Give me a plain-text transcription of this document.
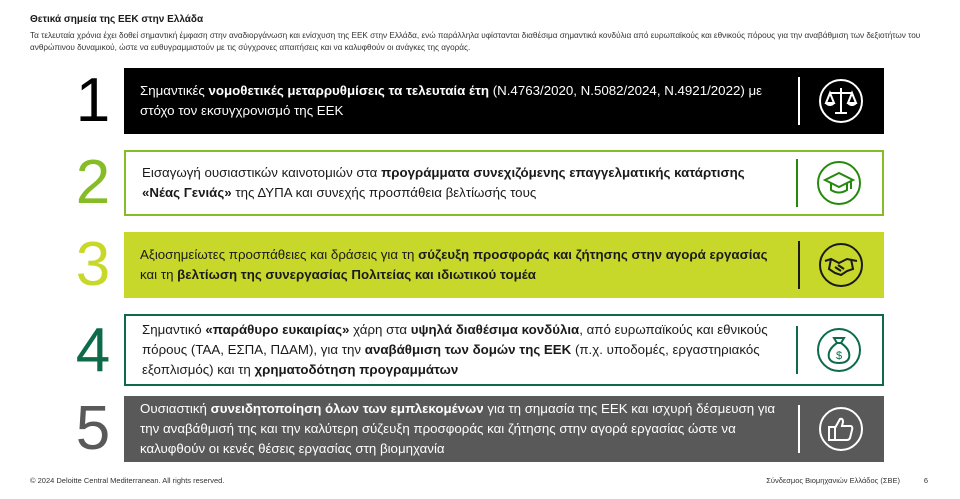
Θετικά σημεία της ΕΕΚ στην Ελλάδα
Τα τελευταία χρόνια έχει δοθεί σημαντική έμφαση στην αναδιοργάνωση και ενίσχυση της ΕΕΚ στην Ελλάδα, ενώ παράλληλα υφίστανται διαθέσιμα σημαντικά κονδύλια από ευρωπαϊκούς και εθνικούς πόρους για την αναβάθμιση των δεξιοτήτων του ανθρώπινου δυναμικού, ώστε να ευθυγραμμιστούν με τις σύγχρονες απαιτήσεις και να καλυφθούν οι ανάγκες της αγοράς.
1	Σημαντικές νομοθετικές μεταρρυθμίσεις τα τελευταία έτη (Ν.4763/2020, Ν.5082/2024, Ν.4921/2022) με στόχο τον εκσυγχρονισμό της ΕΕΚ
2	Εισαγωγή ουσιαστικών καινοτομιών στα προγράμματα συνεχιζόμενης επαγγελματικής κατάρτισης «Νέας Γενιάς» της ΔΥΠΑ και συνεχής προσπάθεια βελτίωσής τους
3	Αξιοσημείωτες προσπάθειες και δράσεις για τη σύζευξη προσφοράς και ζήτησης στην αγορά εργασίας και τη βελτίωση της συνεργασίας Πολιτείας και ιδιωτικού τομέα
4	Σημαντικό «παράθυρο ευκαιρίας» χάρη στα υψηλά διαθέσιμα κονδύλια, από ευρωπαϊκούς και εθνικούς πόρους (ΤΑΑ, ΕΣΠΑ, ΠΔΑΜ), για την αναβάθμιση των δομών της ΕΕΚ (π.χ. υποδομές, εργαστηριακός εξοπλισμός) και τη χρηματοδότηση προγραμμάτων
$
5	Ουσιαστική συνειδητοποίηση όλων των εμπλεκομένων για τη σημασία της ΕΕΚ και ισχυρή δέσμευση για την αναβάθμισή της και την καλύτερη σύζευξη προσφοράς και ζήτησης στην αγορά εργασίας ώστε να καλυφθούν οι κενές θέσεις εργασίας στη βιομηχανία
© 2024 Deloitte Central Mediterranean. All rights reserved.	Σύνδεσμος Βιομηχανιών Ελλάδος (ΣΒΕ)	6
